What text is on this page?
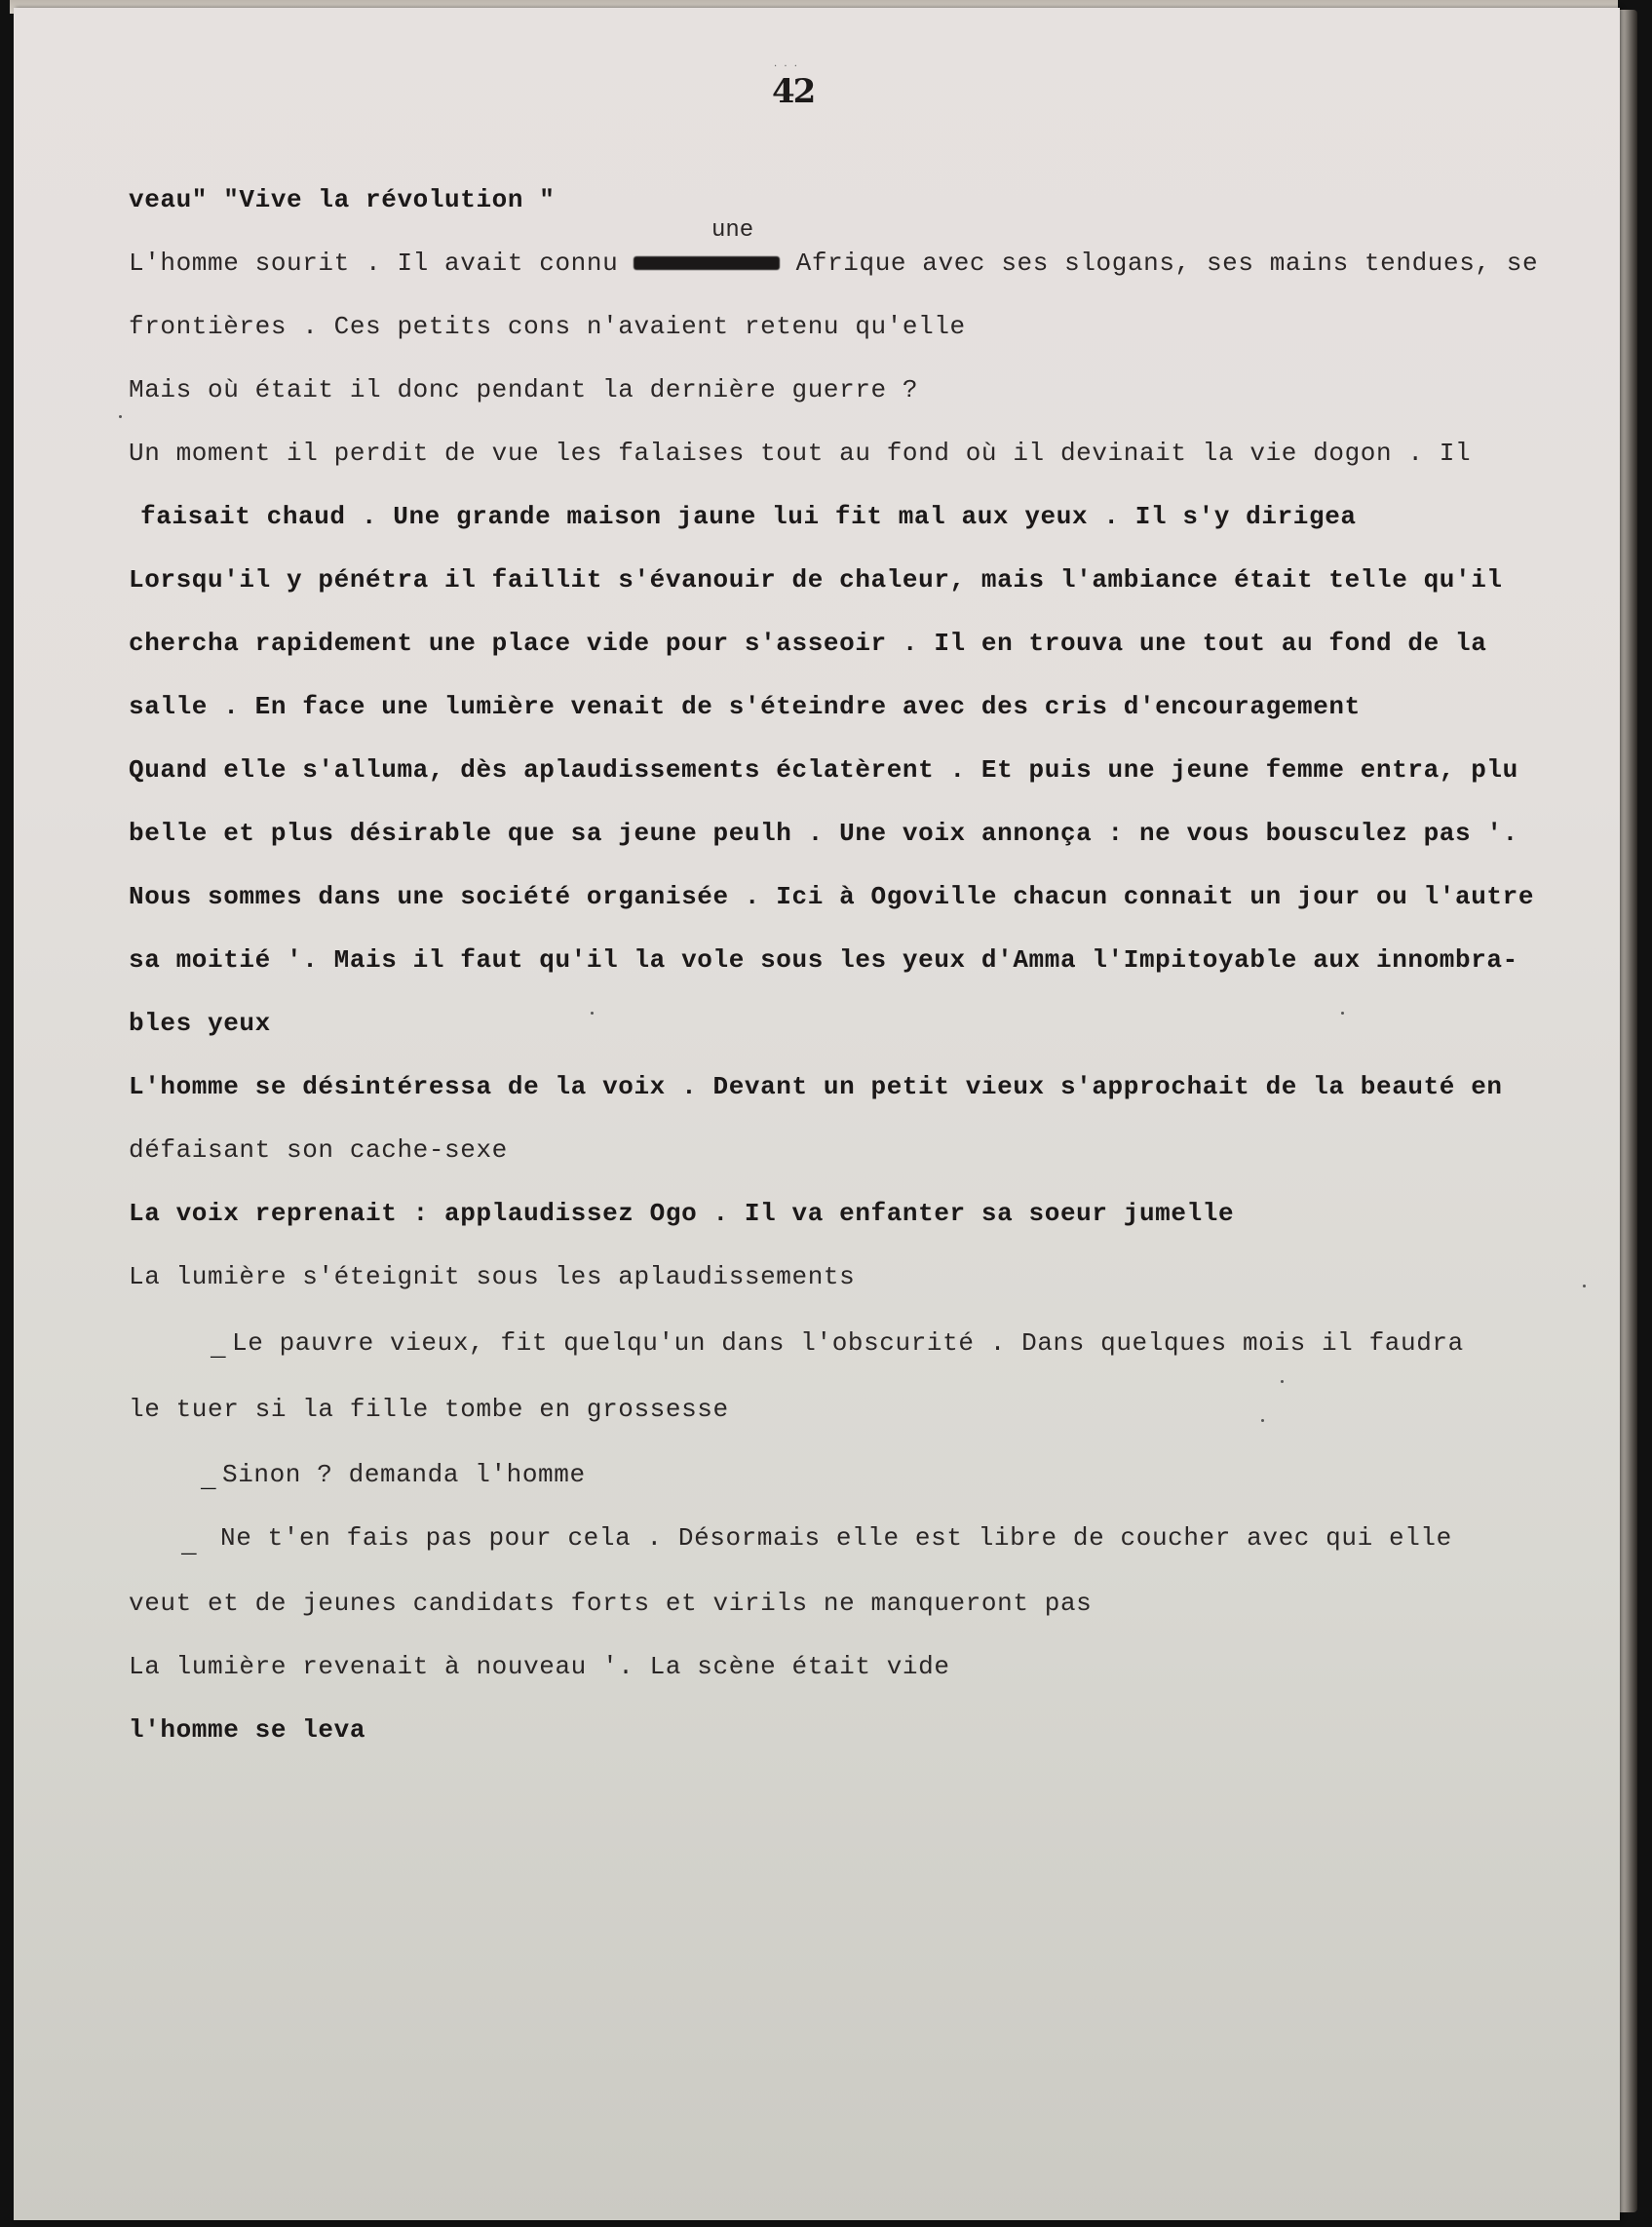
. . .
42
une
veau" "Vive la révolution "
L'homme sourit . Il avait connu	Afrique avec ses slogans, ses mains tendues, se
frontières . Ces petits cons n'avaient retenu qu'elle
Mais où était il donc pendant la dernière guerre ?
Un moment il perdit de vue les falaises tout au fond où il devinait la vie dogon . Il
faisait chaud . Une grande maison jaune lui fit mal aux yeux . Il s'y dirigea
Lorsqu'il y pénétra il faillit s'évanouir de chaleur, mais l'ambiance était telle qu'il
chercha rapidement une place vide pour s'asseoir . Il en trouva une tout au fond de la
salle . En face une lumière venait de s'éteindre avec des cris d'encouragement
Quand elle s'alluma, dès aplaudissements éclatèrent . Et puis une jeune femme entra, plu
belle et plus désirable que sa jeune peulh . Une voix annonça : ne vous bousculez pas '.
Nous sommes dans une société organisée . Ici à Ogoville chacun connait un jour ou l'autre
sa moitié '. Mais il faut qu'il la vole sous les yeux d'Amma l'Impitoyable aux innombra-
bles yeux
L'homme se désintéressa de la voix . Devant un petit vieux s'approchait de la beauté en
défaisant son cache-sexe
La voix reprenait : applaudissez Ogo . Il va enfanter sa soeur jumelle
La lumière s'éteignit sous les aplaudissements
_ Le pauvre vieux, fit quelqu'un dans l'obscurité . Dans quelques mois il faudra
le tuer si la fille tombe en grossesse
_ Sinon ? demanda l'homme
_ Ne t'en fais pas pour cela . Désormais elle est libre de coucher avec qui elle
veut et de jeunes candidats forts et virils ne manqueront pas
La lumière revenait à nouveau '. La scène était vide
l'homme se leva
